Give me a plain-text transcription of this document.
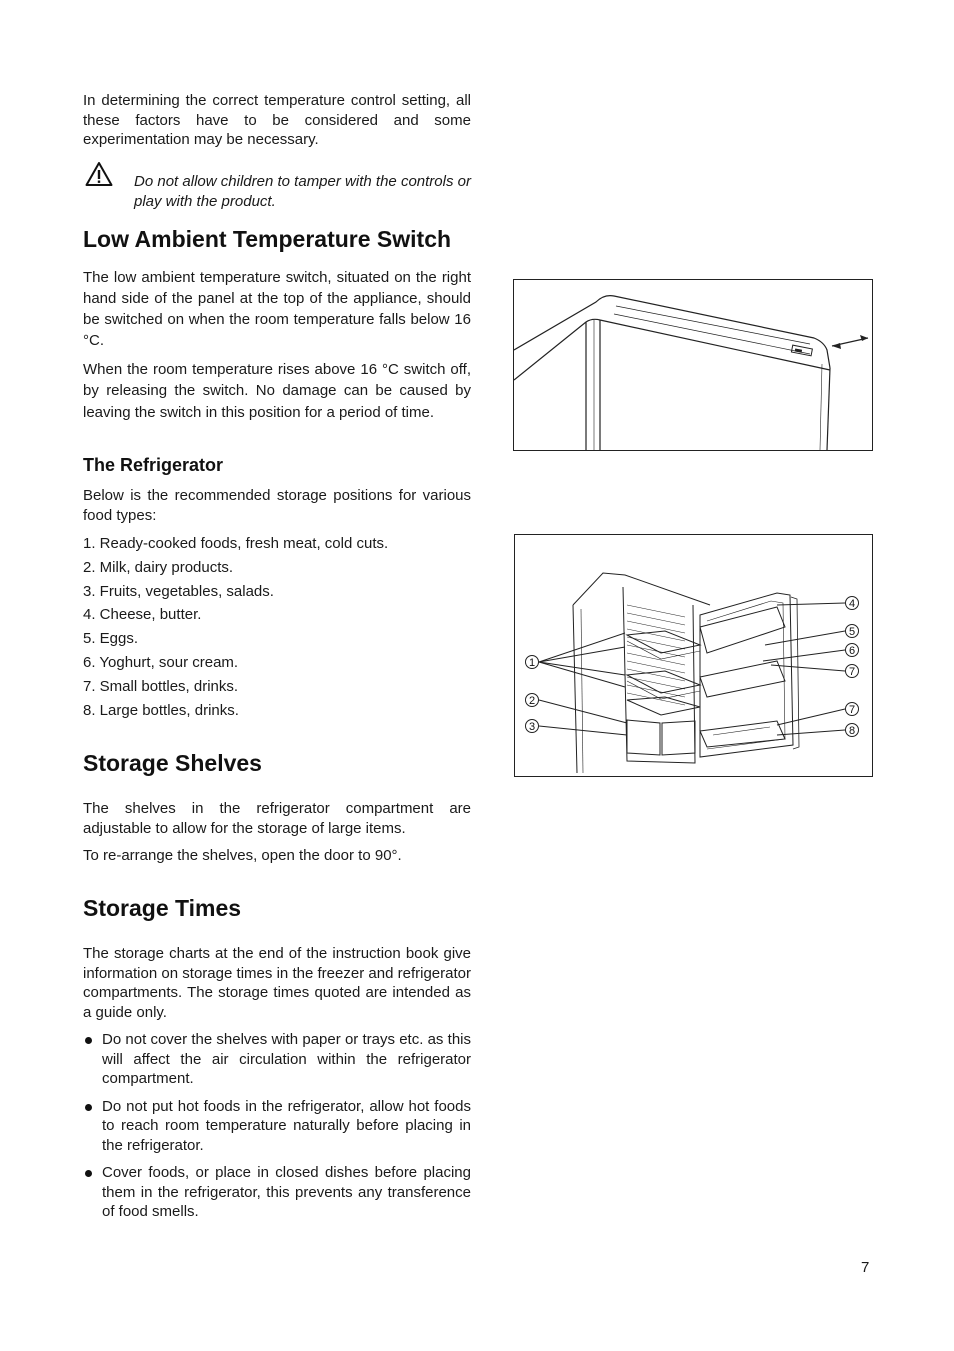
In determining the correct temperature control setting, all these factors have to be considered and some experimentation may be necessary.

Do not allow children to tamper with the controls or play with the product.

Low Ambient Temperature Switch

The low ambient temperature switch, situated on the right hand side of the panel at the top of the appliance, should be switched on when the room temperature falls below 16 °C.

When the room temperature rises above 16 °C switch off, by releasing the switch. No damage can be caused by leaving the switch in this position for a period of time.

The Refrigerator

Below is the recommended storage positions for various food types:

1. Ready-cooked foods, fresh meat, cold cuts.
2. Milk, dairy products.
3. Fruits, vegetables, salads.
4. Cheese, butter.
5. Eggs.
6. Yoghurt, sour cream.
7. Small bottles, drinks.
8. Large bottles, drinks.
Storage Shelves

The shelves in the refrigerator compartment are adjustable to allow for the storage of large items.

To re-arrange the shelves, open the door to 90°.

Storage Times

The storage charts at the end of the instruction book give information on storage times in the freezer and refrigerator compartments. The storage times quoted are intended as a guide only.

Do not cover the shelves with paper or trays etc. as this will affect the air circulation within the refrigerator compartment.
Do not put hot foods in the refrigerator, allow hot foods to reach room temperature naturally before placing in the refrigerator.
Cover foods, or place in closed dishes before placing them in the refrigerator, this prevents any transference of food smells.
1
2
3
4
5
6
7
7
8
7
